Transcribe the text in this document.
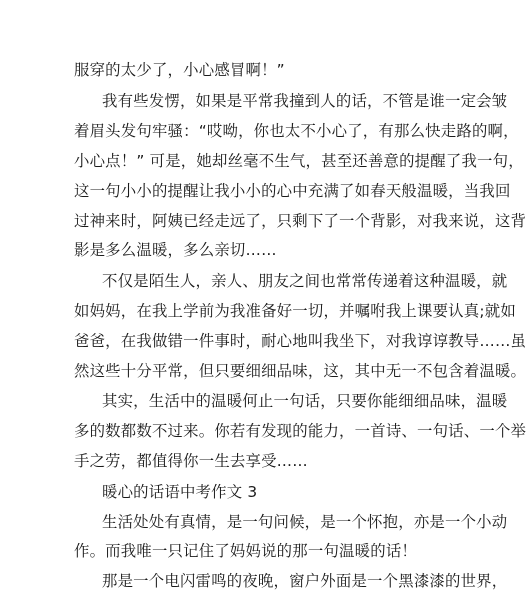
服穿的太少了，小心感冒啊！”
我有些发愣，如果是平常我撞到人的话，不管是谁一定会皱
着眉头发句牢骚：“哎呦，你也太不小心了，有那么快走路的啊，
小心点！” 可是，她却丝毫不生气，甚至还善意的提醒了我一句，
这一句小小的提醒让我小小的心中充满了如春天般温暖，当我回
过神来时，阿姨已经走远了，只剩下了一个背影，对我来说，这背
影是多么温暖，多么亲切……
不仅是陌生人，亲人、朋友之间也常常传递着这种温暖，就
如妈妈，在我上学前为我准备好一切，并嘱咐我上课要认真;就如
爸爸，在我做错一件事时，耐心地叫我坐下，对我谆谆教导……虽
然这些十分平常，但只要细细品味，这，其中无一不包含着温暖。
其实，生活中的温暖何止一句话，只要你能细细品味，温暖
多的数都数不过来。你若有发现的能力，一首诗、一句话、一个举
手之劳，都值得你一生去享受……
暖心的话语中考作文 3
生活处处有真情，是一句问候，是一个怀抱，亦是一个小动
作。而我唯一只记住了妈妈说的那一句温暖的话！
那是一个电闪雷鸣的夜晚，窗户外面是一个黑漆漆的世界，
